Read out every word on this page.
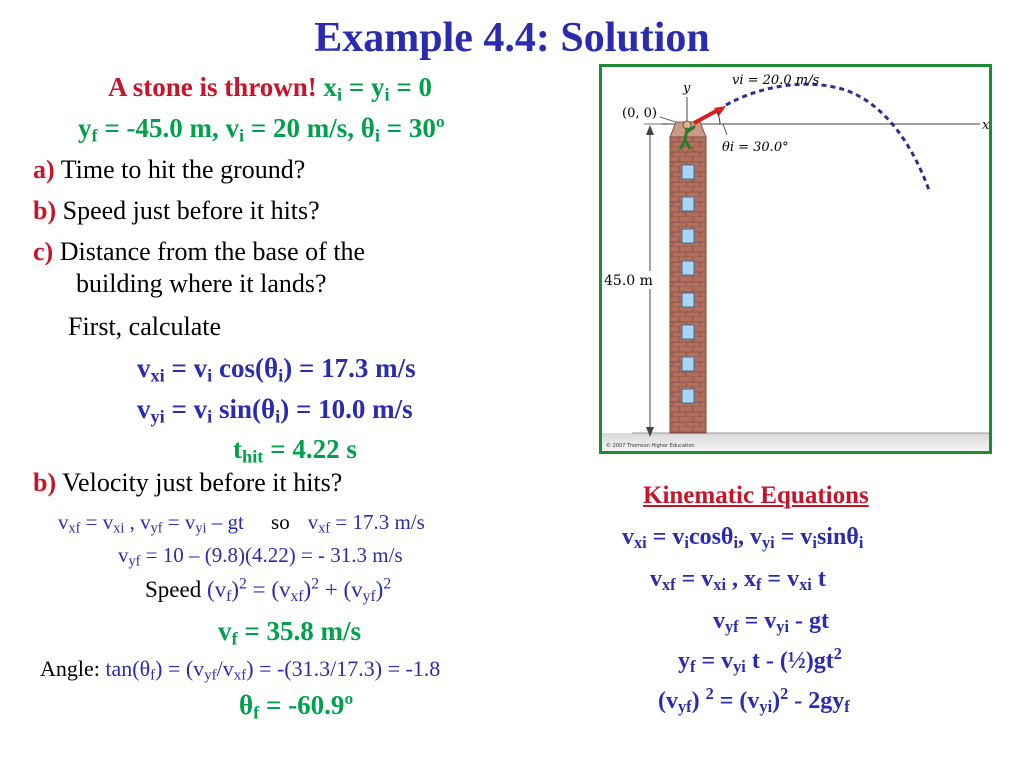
Example 4.4: Solution
A stone is thrown! $x_i = y_i = 0$
$y_f = -45.0$ m, $v_i = 20$ m/s, $\theta_i$ = 30º
a) Time to hit the ground?
b) Speed just before it hits?
c) Distance from the base of the
building where it lands?
First, calculate
$v_{xi} = v_i$ $\cos(\theta_i) = 17.3$ m/s
$v_{yi} = v_i$ $\sin(\theta_i) = 10.0$ m/s
$t_{hit} = 4.22$ s
b) Velocity just before it hits?
$v_{xf} = v_{xi}$ , $v_{yf} = v_{yi}$ – gt so $v_{xf} = 17.3$ m/s
$v_{yf} = 10 - (9.8)(4.22)$ = - 31.3 m/s
Speed $(v_f)^2 = (v_{xf})^2 + (v_{yf})^2$
$v_f = 35.8$ m/s
Angle: $\tan(\theta_f) = (v_{yf}/v_{xf}) = -(31.3/17.3) = -1.8$
$\theta_f$ = -60.9º
Kinematic Equations
$v_{xi} = v_i\cos\theta_i$, $v_{yi} = v_i\sin\theta_i$
$v_{xf} = v_{xi}$ , $x_f = v_{xi}$ t
$v_{yf} = v_{yi}$ - gt
$y_f = v_{yi}$ t - $(\frac{1}{2})gt^2$
$(v_{yf}) ^2 = (v_{yi})^2 - 2gy_f$
x
y
(0, 0)
θi = 30.0°
vi = 20.0 m/s
45.0 m
© 2007 Thomson Higher Education
